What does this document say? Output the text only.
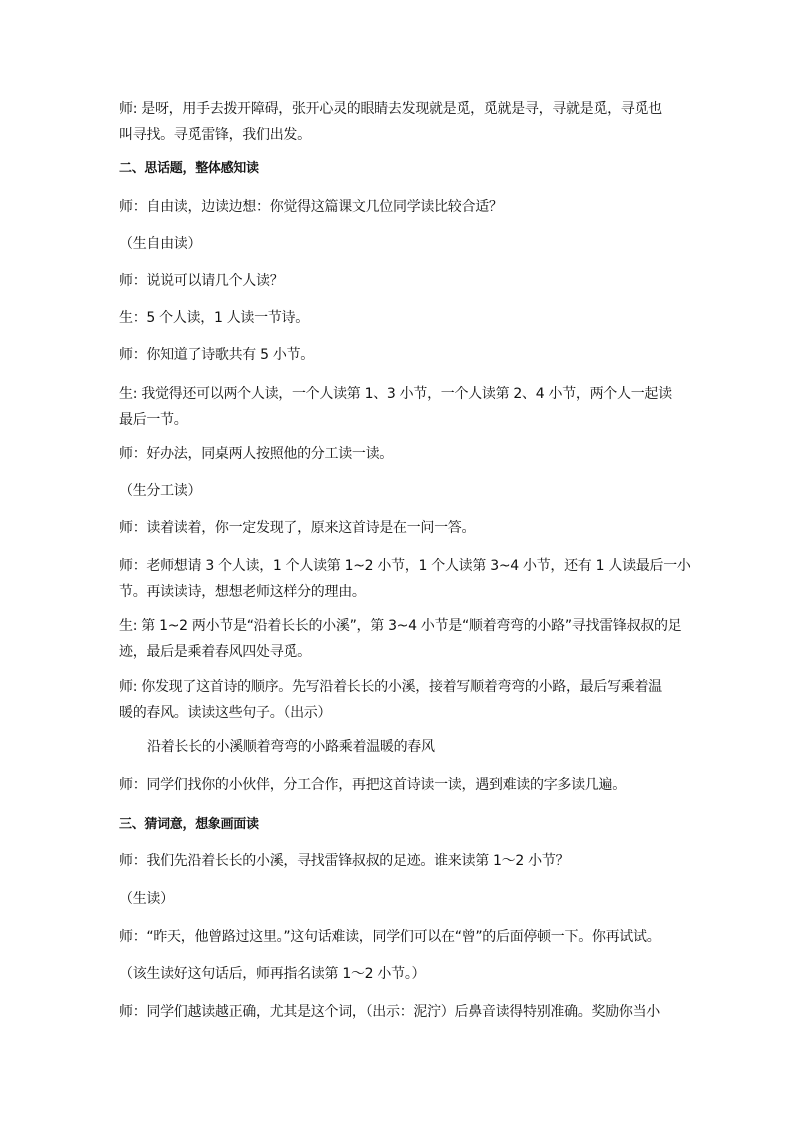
师: 是呀，用手去拨开障碍，张开心灵的眼睛去发现就是觅，觅就是寻，寻就是觅，寻觅也
叫寻找。寻觅雷锋，我们出发。
二、思话题，整体感知读
师：自由读，边读边想：你觉得这篇课文几位同学读比较合适？
（生自由读）
师：说说可以请几个人读？
生：5 个人读，1 人读一节诗。
师：你知道了诗歌共有 5 小节。
生: 我觉得还可以两个人读，一个人读第 1、3 小节，一个人读第 2、4 小节，两个人一起读
最后一节。
师：好办法，同桌两人按照他的分工读一读。
（生分工读）
师：读着读着，你一定发现了，原来这首诗是在一问一答。
师：老师想请 3 个人读，1 个人读第 1~2 小节，1 个人读第 3~4 小节，还有 1 人读最后一小
节。再读读诗，想想老师这样分的理由。
生: 第 1~2 两小节是“沿着长长的小溪”，第 3~4 小节是“顺着弯弯的小路”寻找雷锋叔叔的足
迹，最后是乘着春风四处寻觅。
师: 你发现了这首诗的顺序。先写沿着长长的小溪，接着写顺着弯弯的小路，最后写乘着温
暖的春风。读读这些句子。（出示）
沿着长长的小溪顺着弯弯的小路乘着温暖的春风
师：同学们找你的小伙伴，分工合作，再把这首诗读一读，遇到难读的字多读几遍。
三、猜词意，想象画面读
师：我们先沿着长长的小溪，寻找雷锋叔叔的足迹。谁来读第 1～2 小节？
（生读）
师：“昨天，他曾路过这里。”这句话难读，同学们可以在“曾”的后面停顿一下。你再试试。
（该生读好这句话后，师再指名读第 1～2 小节。）
师：同学们越读越正确，尤其是这个词，（出示：泥泞）后鼻音读得特别准确。奖励你当小
